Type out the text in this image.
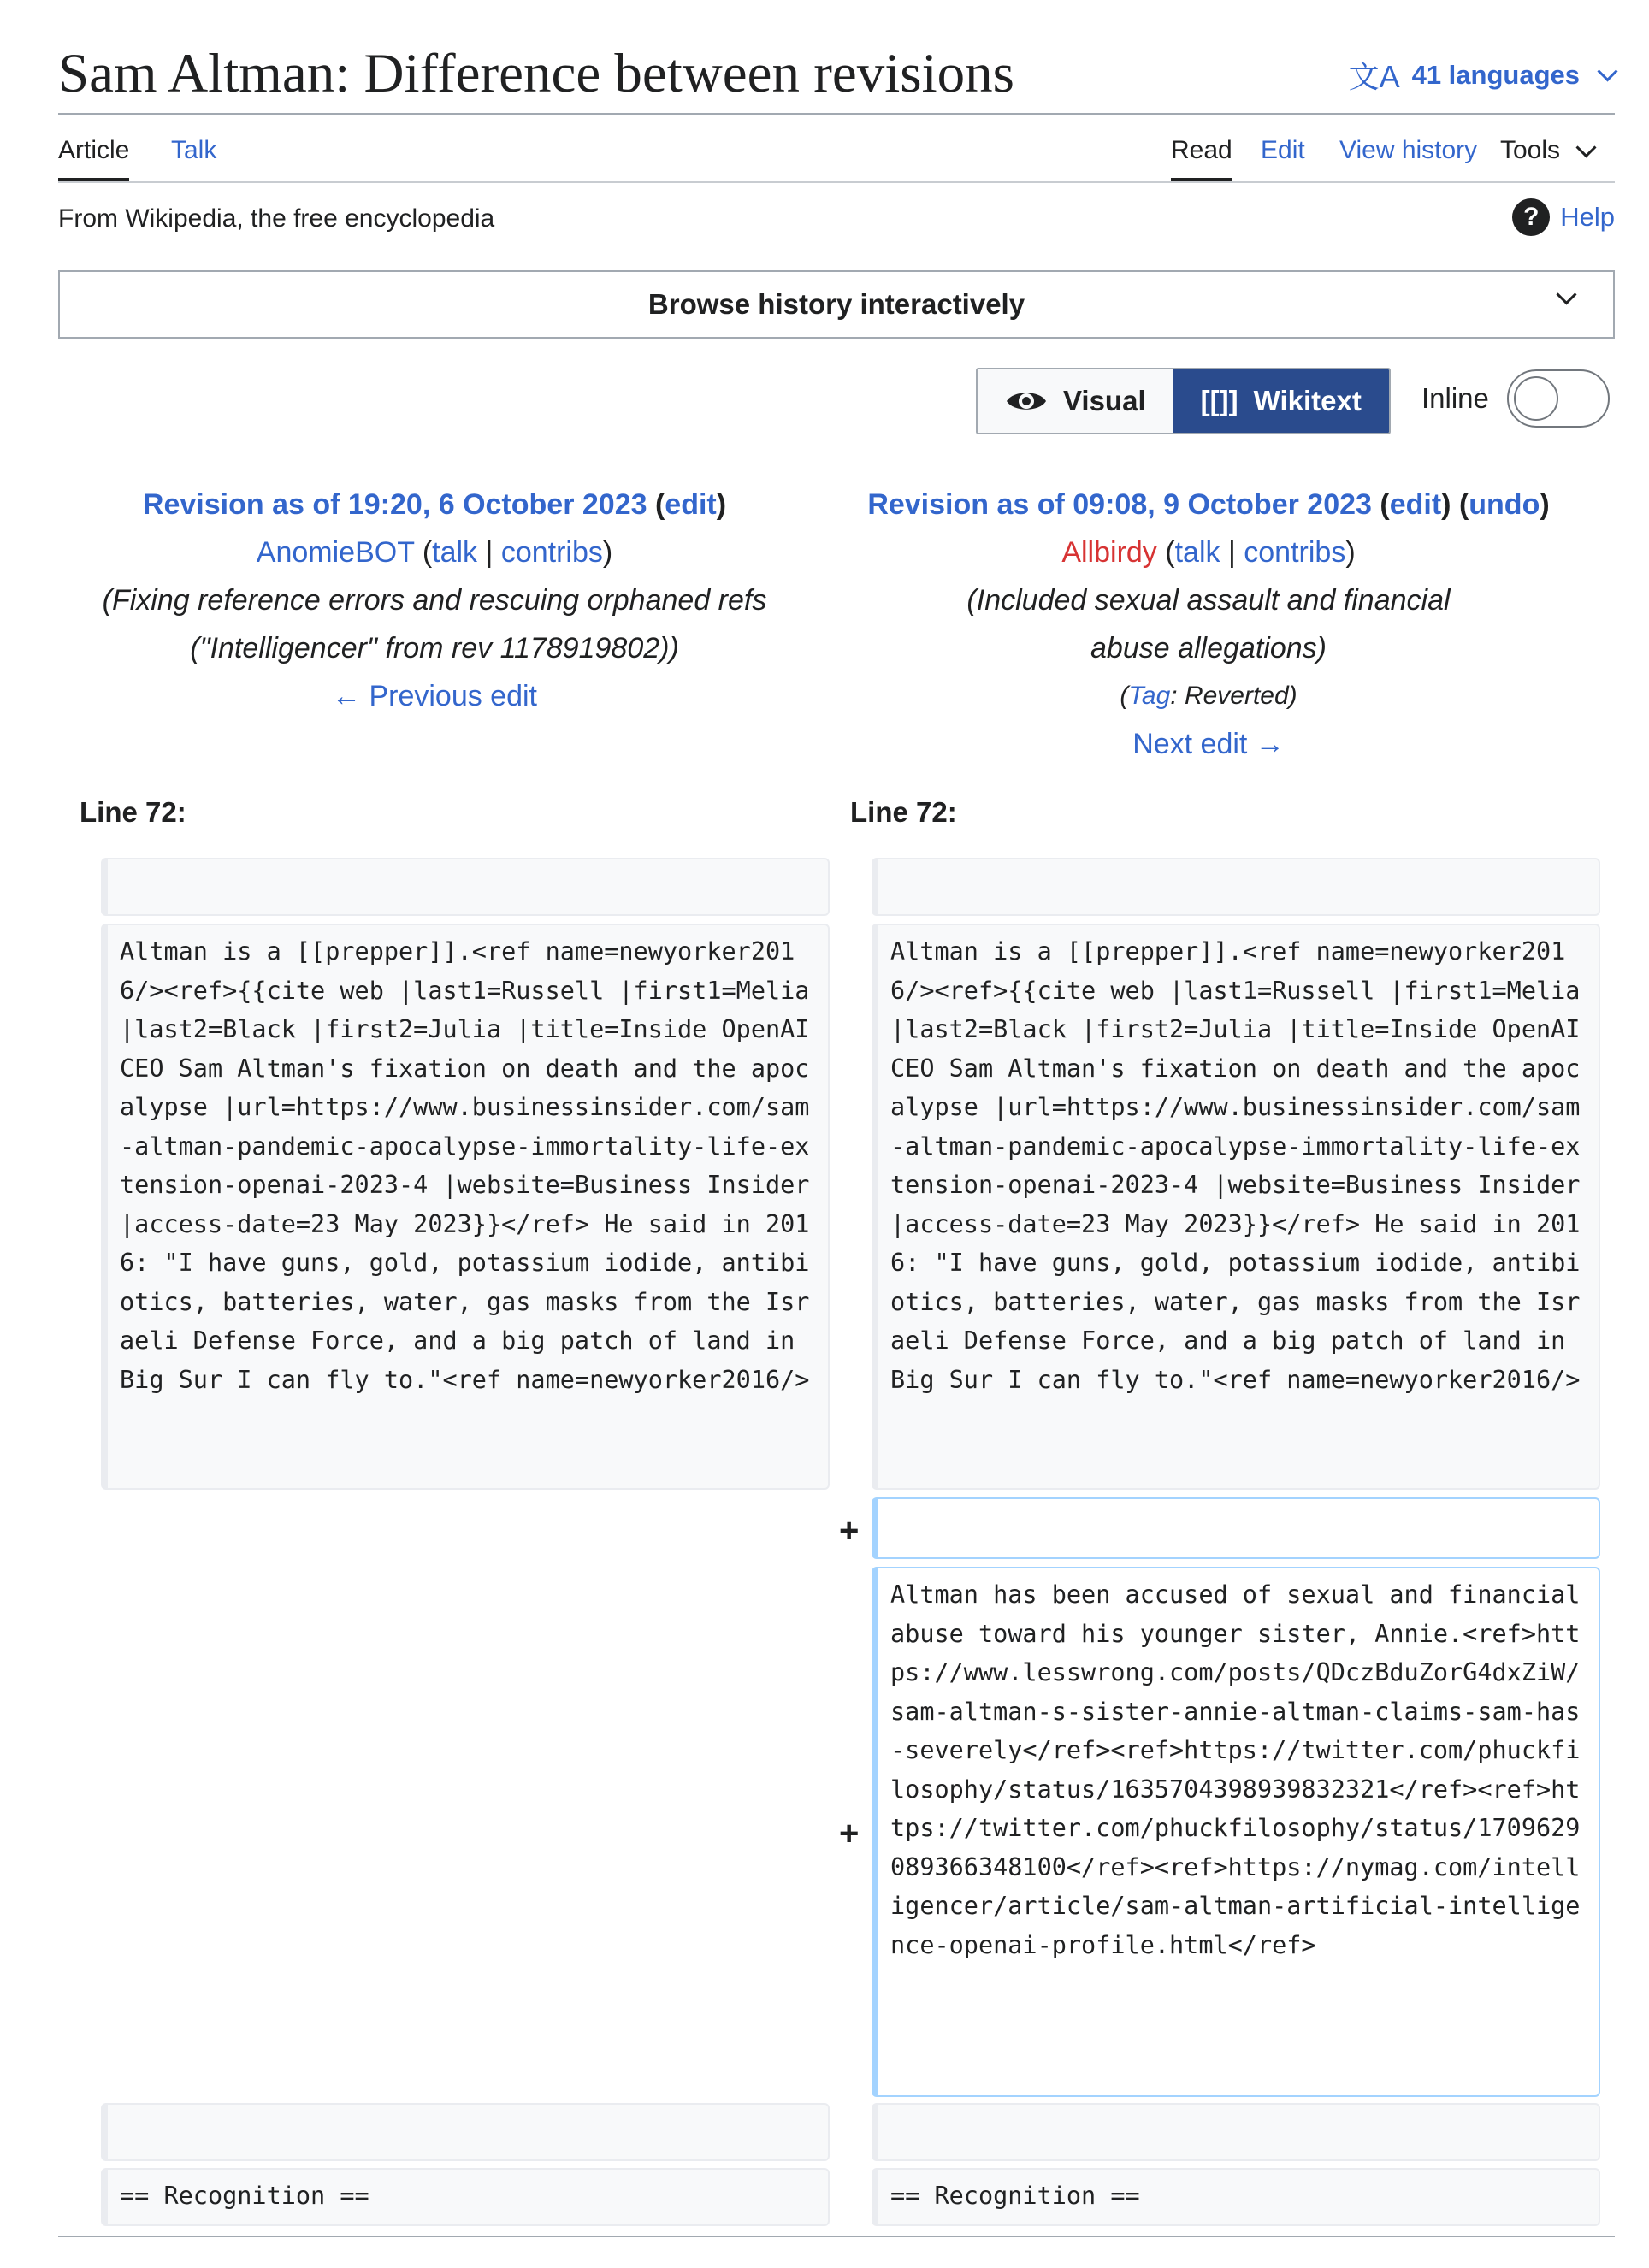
Sam Altman: Difference between revisions	文A 41 languages
Article Talk	Read Edit View history Tools
From Wikipedia, the free encyclopedia	? Help
Browse history interactively
Visual [[]] Wikitext Inline
Revision as of 19:20, 6 October 2023 (edit)
AnomieBOT (talk | contribs)
(Fixing reference errors and rescuing orphaned refs ("Intelligencer" from rev 1178919802))
← Previous edit
Revision as of 09:08, 9 October 2023 (edit) (undo)
Allbirdy (talk | contribs)
(Included sexual assault and financial abuse allegations)
(Tag: Reverted)
Next edit →
Line 72:	Line 72:
Altman is a [[prepper]].<ref name=newyorker2016/><ref>{{cite web |last1=Russell |first1=Melia |last2=Black |first2=Julia |title=Inside OpenAI CEO Sam Altman's fixation on death and the apocalypse |url=https://www.businessinsider.com/sam-altman-pandemic-apocalypse-immortality-life-extension-openai-2023-4 |website=Business Insider |access-date=23 May 2023}}</ref> He said in 2016: "I have guns, gold, potassium iodide, antibiotics, batteries, water, gas masks from the Israeli Defense Force, and a big patch of land in Big Sur I can fly to."<ref name=newyorker2016/>
Altman is a [[prepper]].<ref name=newyorker2016/><ref>{{cite web |last1=Russell |first1=Melia |last2=Black |first2=Julia |title=Inside OpenAI CEO Sam Altman's fixation on death and the apocalypse |url=https://www.businessinsider.com/sam-altman-pandemic-apocalypse-immortality-life-extension-openai-2023-4 |website=Business Insider |access-date=23 May 2023}}</ref> He said in 2016: "I have guns, gold, potassium iodide, antibiotics, batteries, water, gas masks from the Israeli Defense Force, and a big patch of land in Big Sur I can fly to."<ref name=newyorker2016/>
+
+
Altman has been accused of sexual and financial abuse toward his younger sister, Annie.<ref>https://www.lesswrong.com/posts/QDczBduZorG4dxZiW/sam-altman-s-sister-annie-altman-claims-sam-has-severely</ref><ref>https://twitter.com/phuckfilosophy/status/1635704398939832321</ref><ref>https://twitter.com/phuckfilosophy/status/1709629089366348100</ref><ref>https://nymag.com/intelligencer/article/sam-altman-artificial-intelligence-openai-profile.html</ref>
== Recognition ==	== Recognition ==
